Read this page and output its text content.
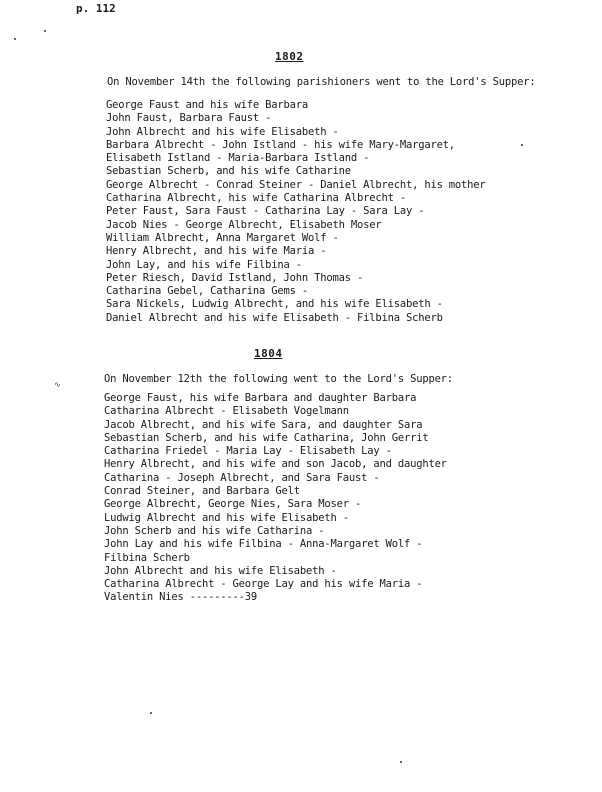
p. 112
1802
On November 14th the following parishioners went to the Lord's Supper:
George Faust and his wife Barbara
John Faust, Barbara Faust -
John Albrecht and his wife Elisabeth -
Barbara Albrecht - John Istland - his wife Mary-Margaret,
Elisabeth Istland - Maria-Barbara Istland -
Sebastian Scherb, and his wife Catharine
George Albrecht - Conrad Steiner - Daniel Albrecht, his mother
Catharina Albrecht, his wife Catharina Albrecht -
Peter Faust, Sara Faust - Catharina Lay - Sara Lay -
Jacob Nies - George Albrecht, Elisabeth Moser
William Albrecht, Anna Margaret Wolf -
Henry Albrecht, and his wife Maria -
John Lay, and his wife Filbina -
Peter Riesch, David Istland, John Thomas -
Catharina Gebel, Catharina Gems -
Sara Nickels, Ludwig Albrecht, and his wife Elisabeth -
Daniel Albrecht and his wife Elisabeth - Filbina Scherb
1804
On November 12th the following went to the Lord's Supper:
George Faust, his wife Barbara and daughter Barbara
Catharina Albrecht - Elisabeth Vogelmann
Jacob Albrecht, and his wife Sara, and daughter Sara
Sebastian Scherb, and his wife Catharina, John Gerrit
Catharina Friedel - Maria Lay - Elisabeth Lay -
Henry Albrecht, and his wife and son Jacob, and daughter
Catharina - Joseph Albrecht, and Sara Faust -
Conrad Steiner, and Barbara Gelt
George Albrecht, George Nies, Sara Moser -
Ludwig Albrecht and his wife Elisabeth -
John Scherb and his wife Catharina -
John Lay and his wife Filbina - Anna-Margaret Wolf -
Filbina Scherb
John Albrecht and his wife Elisabeth -
Catharina Albrecht - George Lay and his wife Maria -
Valentin Nies ---------39
∿
